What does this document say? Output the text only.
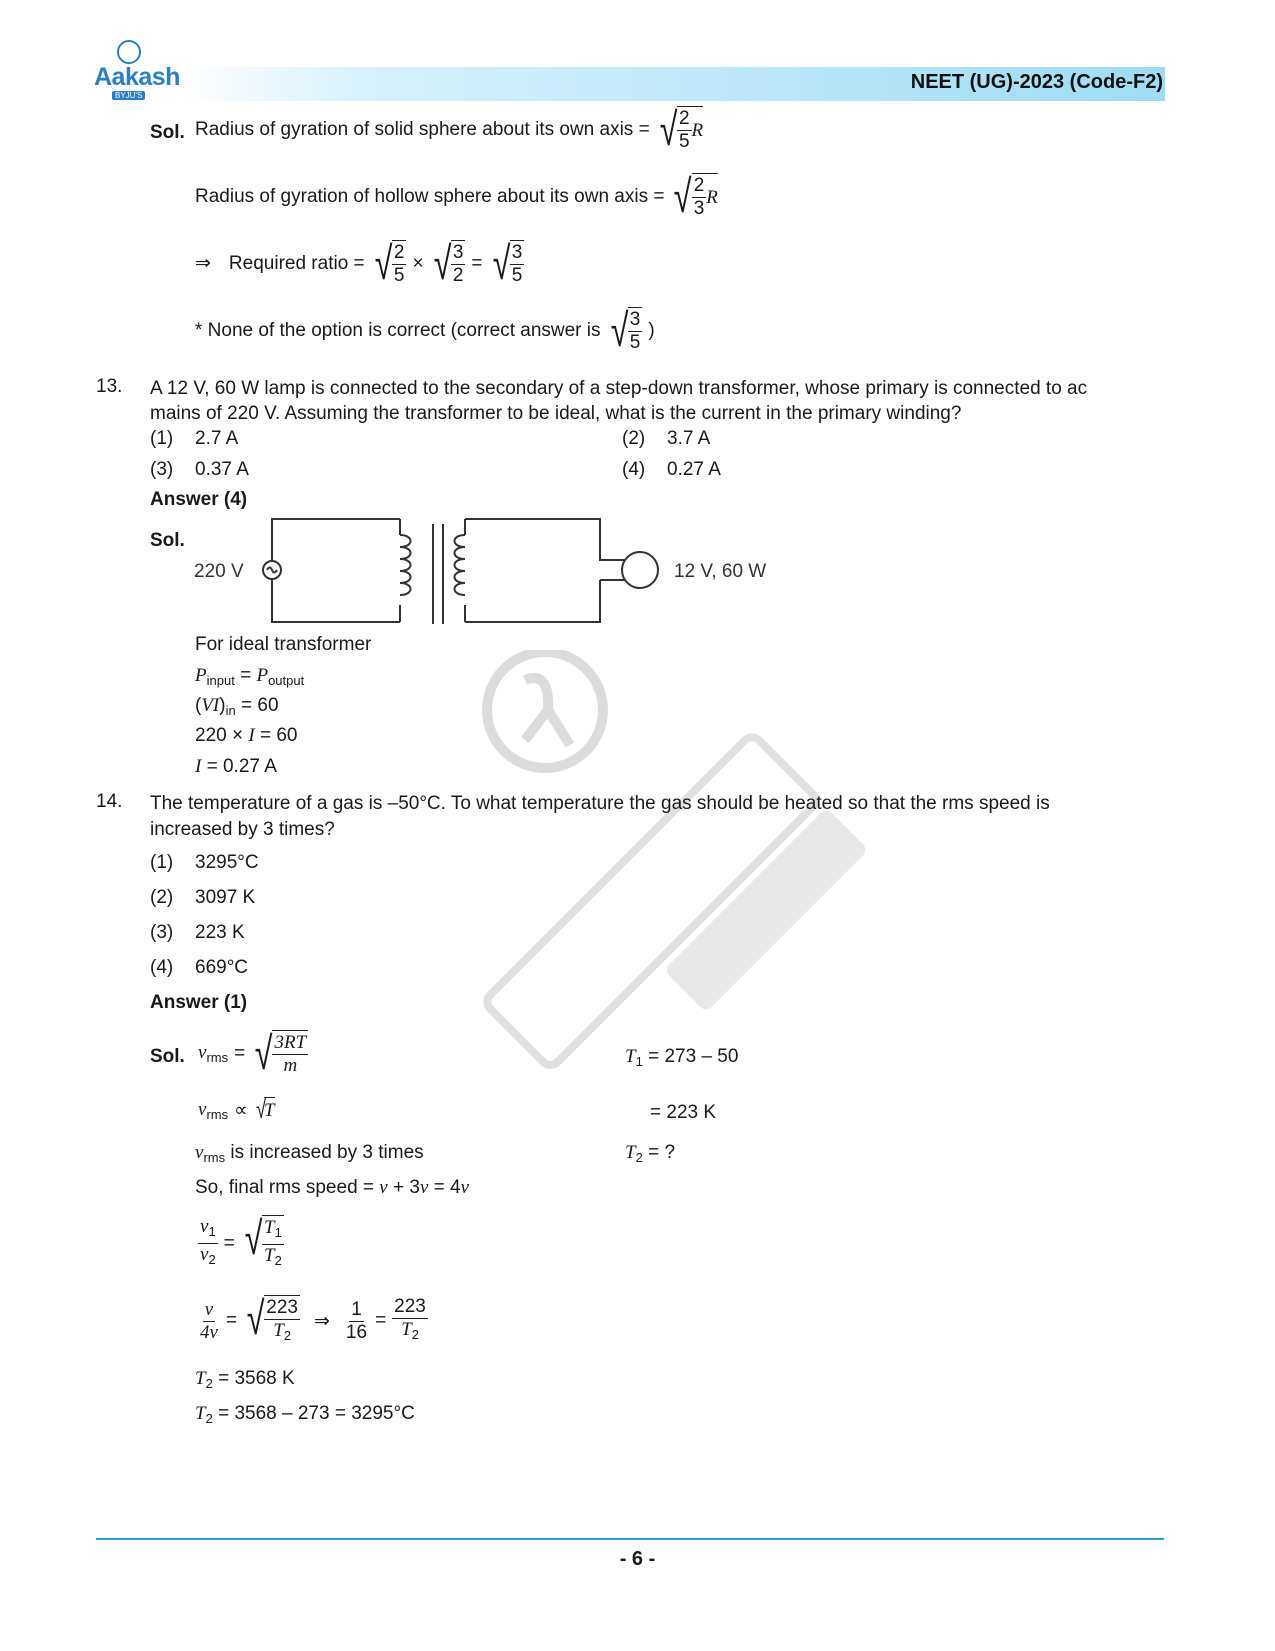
Aakash
BYJU'S
NEET (UG)-2023 (Code-F2)
Sol. Radius of gyration of solid sphere about its own axis = √ $\frac{2}{5}$ R
Radius of gyration of hollow sphere about its own axis = √ $\frac{2}{3}$ R
⇒ Required ratio = √ $\frac{2}{5}$ × √ $\frac{3}{2}$ = √ $\frac{3}{5}$
* None of the option is correct (correct answer is √ $\frac{3}{5}$ )
13. A 12 V, 60 W lamp is connected to the secondary of a step-down transformer, whose primary is connected to ac mains of 220 V. Assuming the transformer to be ideal, what is the current in the primary winding?
(1) 2.7 A	(2) 3.7 A
(3) 0.37 A	(4) 0.27 A
Answer (4)
Sol.
220 V	12 V, 60 W
For ideal transformer
$P_{input} = P_{output}$
$(VI)_{in} = 60$
220 × I = 60
I = 0.27 A
14. The temperature of a gas is –50°C. To what temperature the gas should be heated so that the rms speed is increased by 3 times?
(1) 3295°C
(2) 3097 K
(3) 223 K
(4) 669°C
Answer (1)
Sol. $v_{rms}$ = √ $\frac{3RT}{m}$
$v_{rms}$ ∝ √
T
$v_{rms}$ is increased by 3 times
So, final rms speed = v + 3v = 4v
$\frac{v_1}{v_2}$ = √ $\frac{T_1}{T_2}$
$\frac{v}{4v}$ = √ $\frac{223}{T_2}$ ⇒ $\frac{1}{16} = \frac{223}{T_2}$
$T_2 = 3568$ K
$T_2 = 3568 - 273 = 3295^\circ C$
$T_1 = 273 - 50$
= 223 K
$T_2$ = ?
- 6 -
